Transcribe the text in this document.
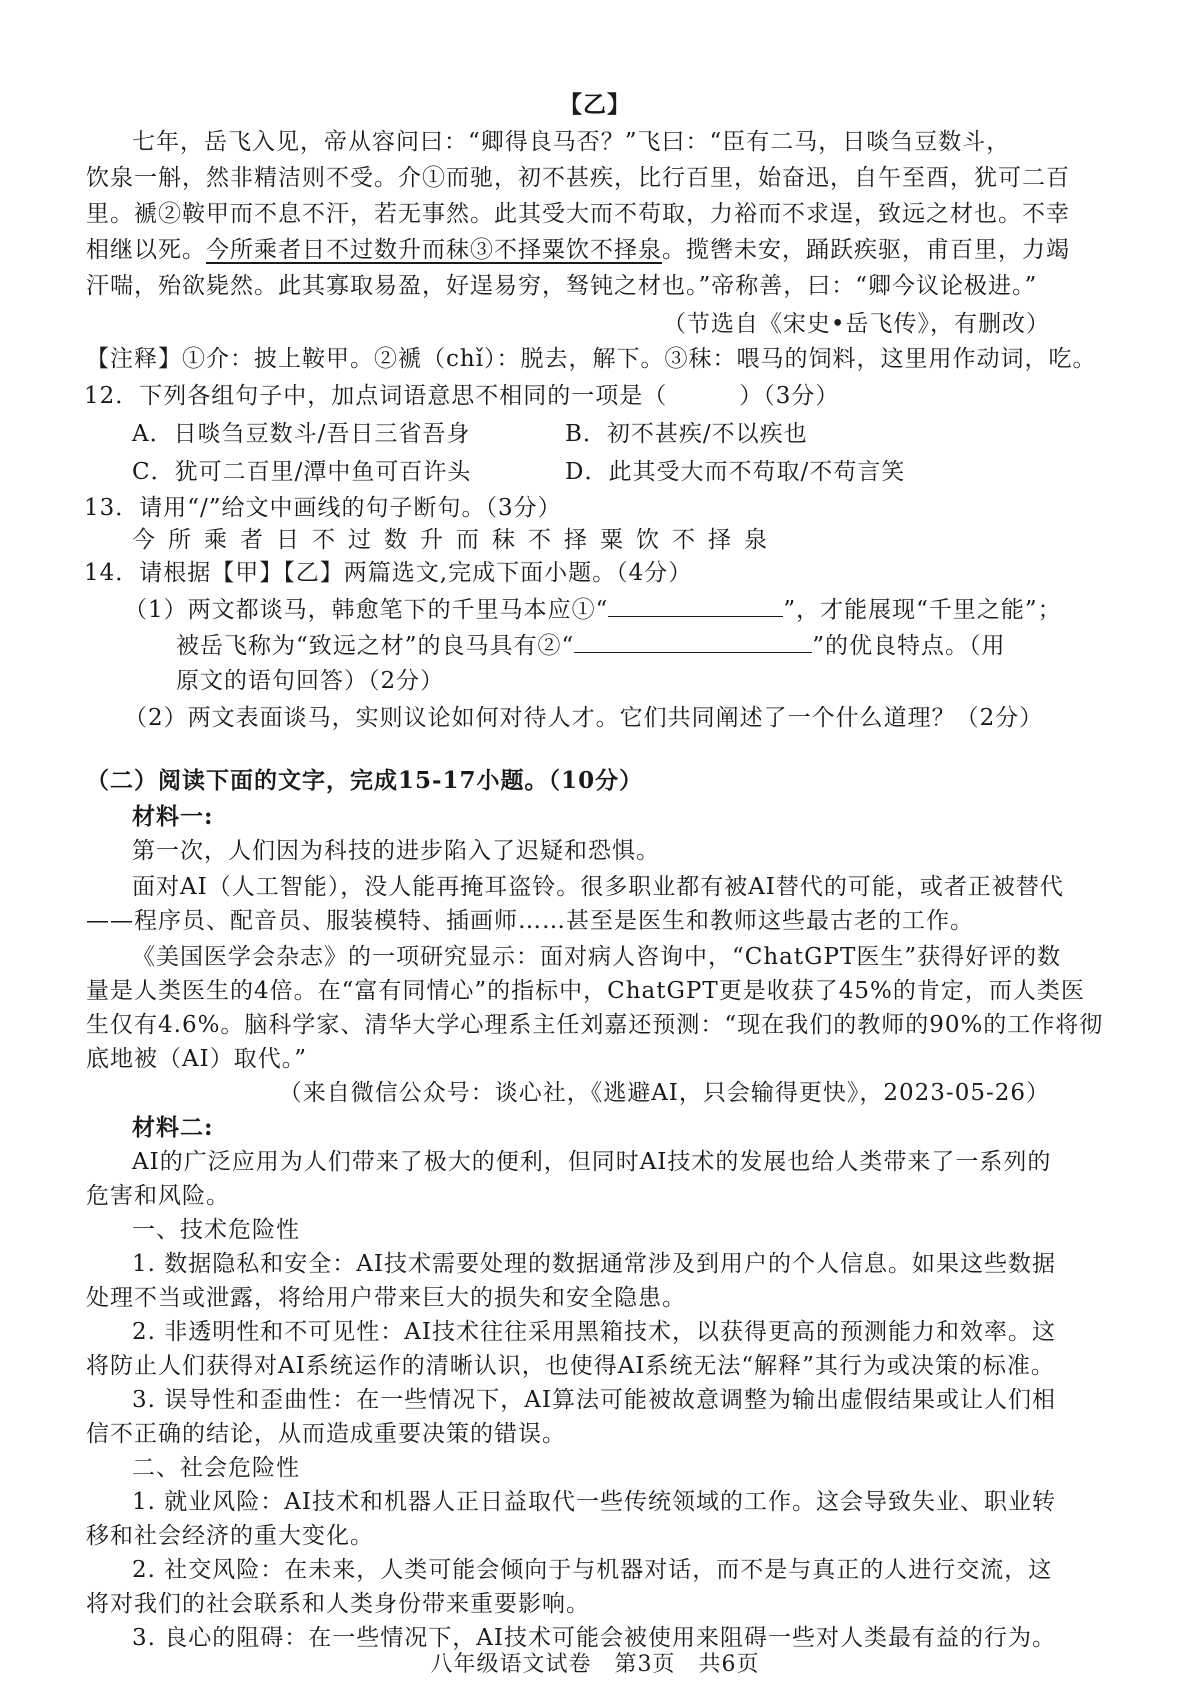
【乙】
七年，岳飞入见，帝从容问曰：“卿得良马否？”飞曰：“臣有二马，日啖刍豆数斗，
饮泉一斛，然非精洁则不受。介①而驰，初不甚疾，比行百里，始奋迅，自午至酉，犹可二百
里。褫②鞍甲而不息不汗，若无事然。此其受大而不苟取，力裕而不求逞，致远之材也。不幸
相继以死。今所乘者日不过数升而秣③不择粟饮不择泉。揽辔未安，踊跃疾驱，甫百里，力竭
汗喘，殆欲毙然。此其寡取易盈，好逞易穷，驽钝之材也。”帝称善，曰：“卿今议论极进。”
（节选自《宋史•岳飞传》，有删改）
【注释】①介：披上鞍甲。②褫（chǐ）：脱去，解下。③秣：喂马的饲料，这里用作动词，吃。
12．下列各组句子中，加点词语意思不相同的一项是（　　　）（3分）
A．日啖刍豆数斗/吾日三省吾身	B．初不甚疾/不以疾也
C．犹可二百里/潭中鱼可百许头	D．此其受大而不苟取/不苟言笑
13．请用“/”给文中画线的句子断句。（3分）
今所乘者日不过数升而秣不择粟饮不择泉
14．请根据【甲】【乙】两篇选文,完成下面小题。（4分）
（1）两文都谈马，韩愈笔下的千里马本应①“	”，才能展现“千里之能”；
被岳飞称为“致远之材”的良马具有②“	”的优良特点。（用
原文的语句回答）（2分）
（2）两文表面谈马，实则议论如何对待人才。它们共同阐述了一个什么道理？（2分）
（二）阅读下面的文字，完成15-17小题。（10分）
材料一:
第一次，人们因为科技的进步陷入了迟疑和恐惧。
面对AI（人工智能），没人能再掩耳盗铃。很多职业都有被AI替代的可能，或者正被替代
——程序员、配音员、服装模特、插画师……甚至是医生和教师这些最古老的工作。
《美国医学会杂志》的一项研究显示：面对病人咨询中，“ChatGPT医生”获得好评的数
量是人类医生的4倍。在“富有同情心”的指标中，ChatGPT更是收获了45%的肯定，而人类医
生仅有4.6%。脑科学家、清华大学心理系主任刘嘉还预测：“现在我们的教师的90%的工作将彻
底地被（AI）取代。”
（来自微信公众号：谈心社，《逃避AI，只会输得更快》，2023-05-26）
材料二:
AI的广泛应用为人们带来了极大的便利，但同时AI技术的发展也给人类带来了一系列的
危害和风险。
一、技术危险性
1. 数据隐私和安全：AI技术需要处理的数据通常涉及到用户的个人信息。如果这些数据
处理不当或泄露，将给用户带来巨大的损失和安全隐患。
2. 非透明性和不可见性：AI技术往往采用黑箱技术，以获得更高的预测能力和效率。这
将防止人们获得对AI系统运作的清晰认识，也使得AI系统无法“解释”其行为或决策的标准。
3. 误导性和歪曲性：在一些情况下，AI算法可能被故意调整为输出虚假结果或让人们相
信不正确的结论，从而造成重要决策的错误。
二、社会危险性
1. 就业风险：AI技术和机器人正日益取代一些传统领域的工作。这会导致失业、职业转
移和社会经济的重大变化。
2. 社交风险：在未来，人类可能会倾向于与机器对话，而不是与真正的人进行交流，这
将对我们的社会联系和人类身份带来重要影响。
3. 良心的阻碍：在一些情况下，AI技术可能会被使用来阻碍一些对人类最有益的行为。
八年级语文试卷　第3页　共6页
